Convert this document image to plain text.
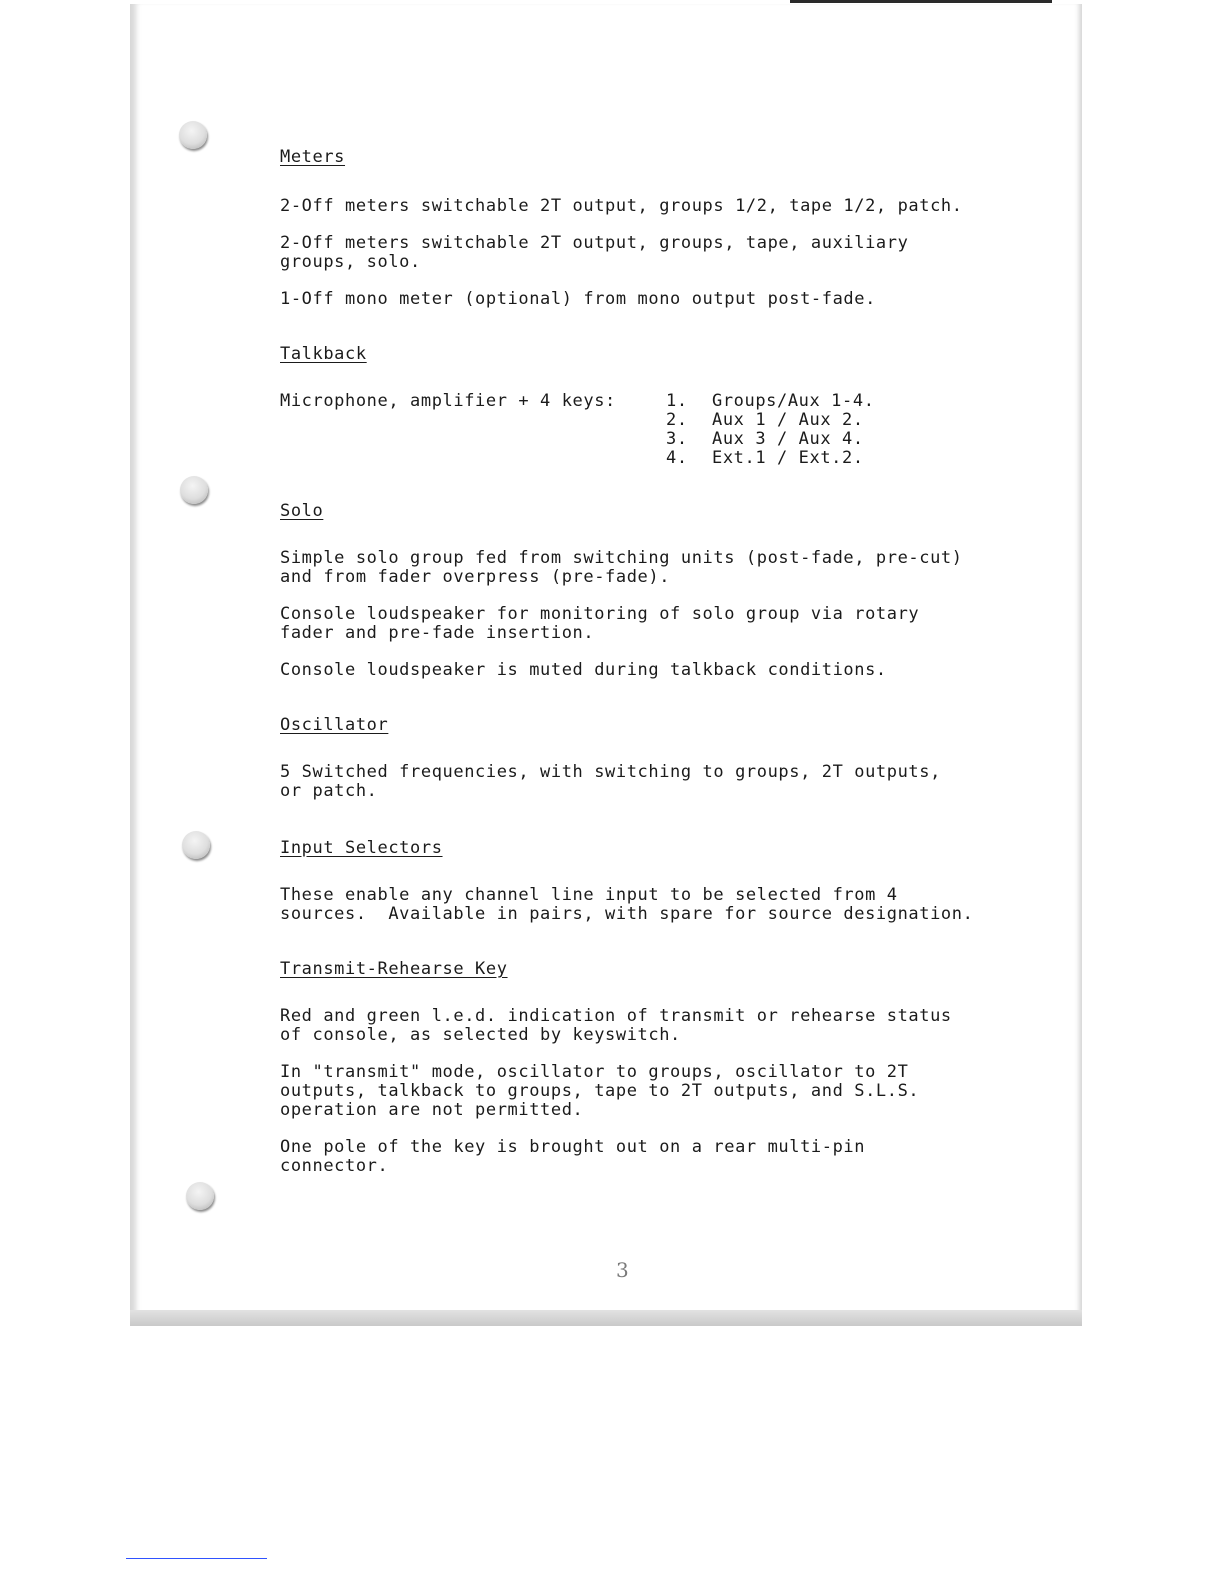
Meters

2-Off meters switchable 2T output, groups 1/2, tape 1/2, patch.

2-Off meters switchable 2T output, groups, tape, auxiliary
groups, solo.

1-Off mono meter (optional) from mono output post-fade.

Talkback
Microphone, amplifier + 4 keys:	1.	Groups/Aux 1-4.
2.	Aux 1 / Aux 2.
3.	Aux 3 / Aux 4.
4.	Ext.1 / Ext.2.
Solo

Simple solo group fed from switching units (post-fade, pre-cut)
and from fader overpress (pre-fade).

Console loudspeaker for monitoring of solo group via rotary
fader and pre-fade insertion.

Console loudspeaker is muted during talkback conditions.

Oscillator

5 Switched frequencies, with switching to groups, 2T outputs,
or patch.

Input Selectors

These enable any channel line input to be selected from 4
sources.  Available in pairs, with spare for source designation.

Transmit-Rehearse Key

Red and green l.e.d. indication of transmit or rehearse status
of console, as selected by keyswitch.

In "transmit" mode, oscillator to groups, oscillator to 2T
outputs, talkback to groups, tape to 2T outputs, and S.L.S.
operation are not permitted.

One pole of the key is brought out on a rear multi-pin
connector.

3
